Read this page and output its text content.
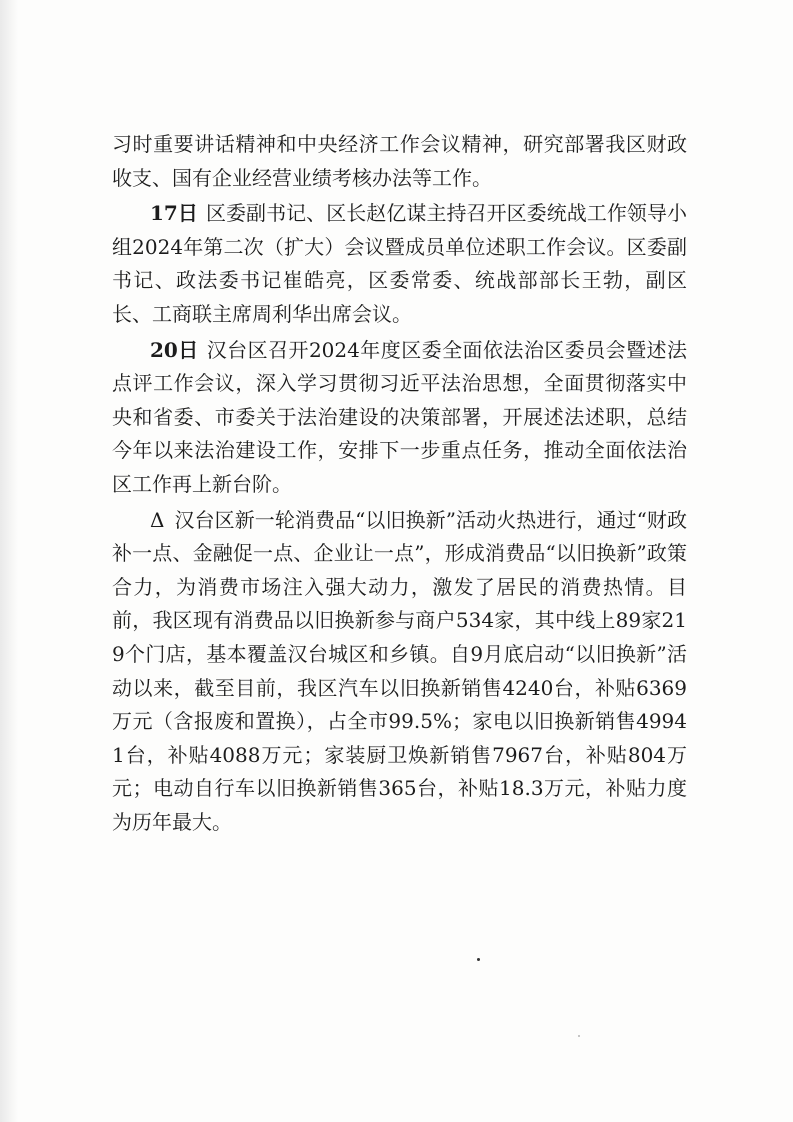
习时重要讲话精神和中央经济工作会议精神，研究部署我区财政收支、国有企业经营业绩考核办法等工作。

17日 区委副书记、区长赵亿谋主持召开区委统战工作领导小组2024年第二次（扩大）会议暨成员单位述职工作会议。区委副书记、政法委书记崔皓亮，区委常委、统战部部长王勃，副区长、工商联主席周利华出席会议。

20日 汉台区召开2024年度区委全面依法治区委员会暨述法点评工作会议，深入学习贯彻习近平法治思想，全面贯彻落实中央和省委、市委关于法治建设的决策部署，开展述法述职，总结今年以来法治建设工作，安排下一步重点任务，推动全面依法治区工作再上新台阶。

Δ 汉台区新一轮消费品“以旧换新”活动火热进行，通过“财政补一点、金融促一点、企业让一点”，形成消费品“以旧换新”政策合力，为消费市场注入强大动力，激发了居民的消费热情。目前，我区现有消费品以旧换新参与商户534家，其中线上89家219个门店，基本覆盖汉台城区和乡镇。自9月底启动“以旧换新”活动以来，截至目前，我区汽车以旧换新销售4240台，补贴6369万元（含报废和置换），占全市99.5%；家电以旧换新销售49941台，补贴4088万元；家装厨卫焕新销售7967台，补贴804万元；电动自行车以旧换新销售365台，补贴18.3万元，补贴力度为历年最大。
